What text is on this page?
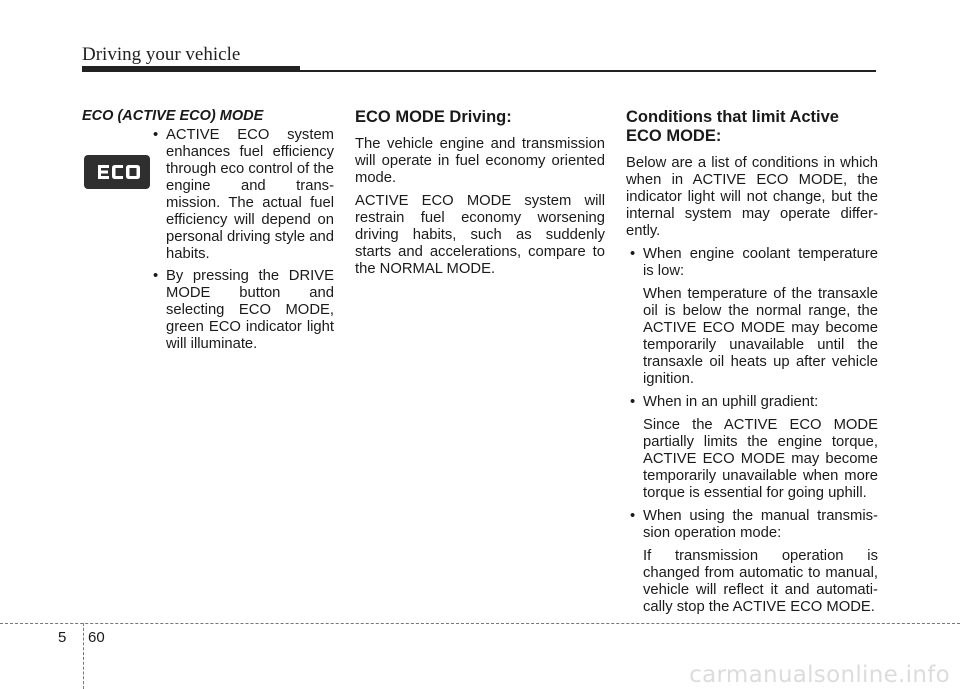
Driving your vehicle
ECO (ACTIVE ECO) MODE
• ACTIVE ECO system enhances fuel efficiency through eco control of the engine and trans-mission. The actual fuel efficiency will depend on personal driving style and habits.
• By pressing the DRIVE MODE button and selecting ECO MODE, green ECO indicator light will illuminate.
ECO MODE Driving:

The vehicle engine and transmission will operate in fuel economy oriented mode.

ACTIVE ECO MODE system will restrain fuel economy worsening driving habits, such as suddenly starts and accelerations, compare to the NORMAL MODE.

Conditions that limit Active ECO MODE:

Below are a list of conditions in which when in ACTIVE ECO MODE, the indicator light will not change, but the internal system may operate differ-ently.

• When engine coolant temperature is low:
When temperature of the transaxle oil is below the normal range, the ACTIVE ECO MODE may become temporarily unavailable until the transaxle oil heats up after vehicle ignition.
• When in an uphill gradient:
Since the ACTIVE ECO MODE partially limits the engine torque, ACTIVE ECO MODE may become temporarily unavailable when more torque is essential for going uphill.
• When using the manual transmis-sion operation mode:
If transmission operation is changed from automatic to manual, vehicle will reflect it and automati-cally stop the ACTIVE ECO MODE.
5 60
carmanualsonline.info
